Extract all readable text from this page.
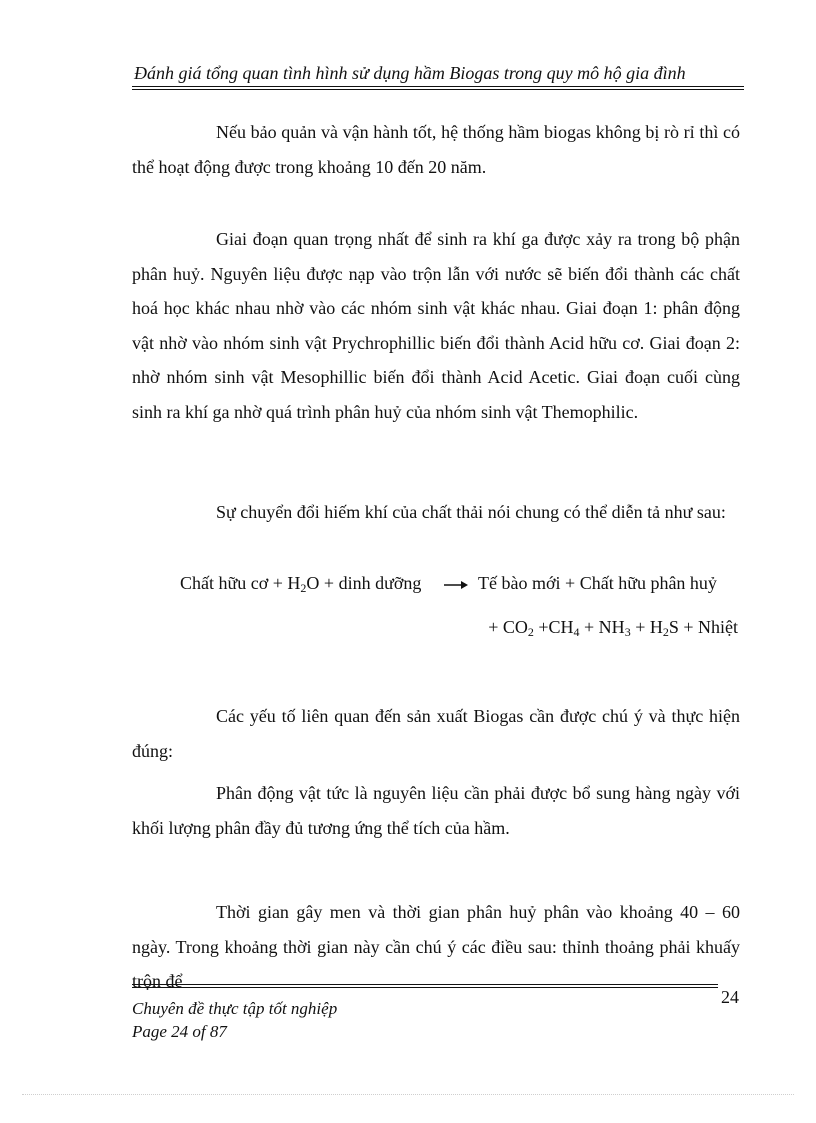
Đánh giá tổng quan tình hình sử dụng hầm Biogas trong quy mô hộ gia đình

Nếu bảo quản và vận hành tốt, hệ thống hầm biogas không bị rò rỉ thì có thể hoạt động được trong khoảng 10 đến 20 năm.

Giai đoạn quan trọng nhất để sinh ra khí ga được xảy ra trong bộ phận phân huỷ. Nguyên liệu được nạp vào trộn lẫn với nước sẽ biến đổi thành các chất hoá học khác nhau nhờ vào các nhóm sinh vật khác nhau. Giai đoạn 1: phân động vật nhờ vào nhóm sinh vật Prychrophillic biến đổi thành Acid hữu cơ. Giai đoạn 2: nhờ nhóm sinh vật Mesophillic biến đổi thành Acid Acetic. Giai đoạn cuối cùng sinh ra khí ga nhờ quá trình phân huỷ của nhóm sinh vật Themophilic.

Sự chuyển đổi hiếm khí của chất thải nói chung có thể diễn tả như sau:

Chất hữu cơ + $H_2O$ + dinh dưỡng	Tế bào mới + Chất hữu phân huỷ
+ $CO_2 +CH_4 + NH_3 + H_2S$ + Nhiệt

Các yếu tố liên quan đến sản xuất Biogas cần được chú ý và thực hiện đúng:

Phân động vật tức là nguyên liệu cần phải được bổ sung hàng ngày với khối lượng phân đầy đủ tương ứng thể tích của hầm.

Thời gian gây men và thời gian phân huỷ phân vào khoảng 40 – 60 ngày. Trong khoảng thời gian này cần chú ý các điều sau: thỉnh thoảng phải khuấy trộn để

24
Chuyên đề thực tập tốt nghiệp
Page 24 of 87
